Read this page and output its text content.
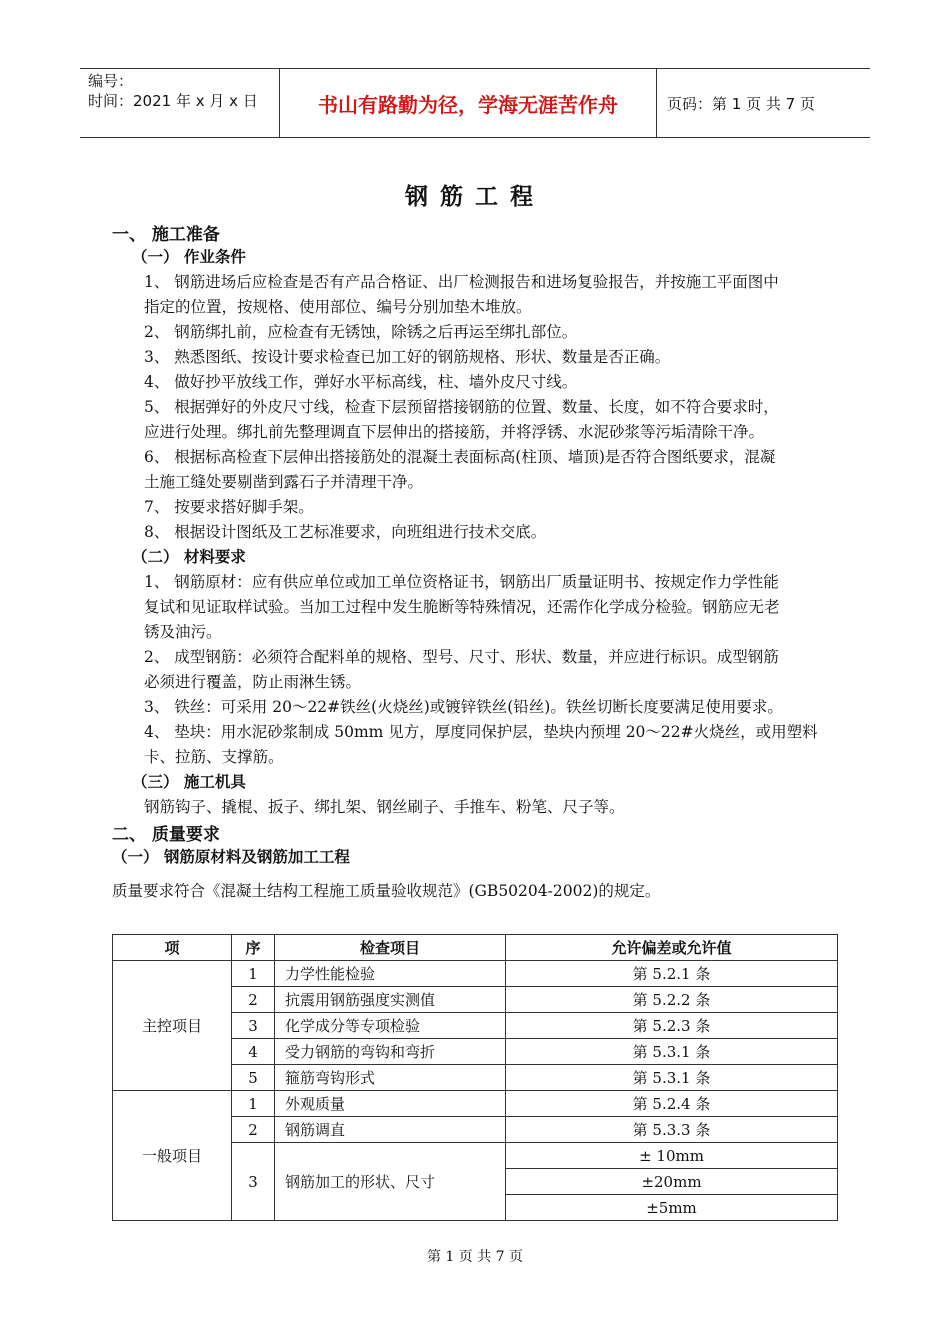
编号：
时间：2021 年 x 月 x 日	书山有路勤为径，学海无涯苦作舟	页码：第 1 页 共 7 页
钢筋工程
一、 施工准备
（一） 作业条件
1、 钢筋进场后应检查是否有产品合格证、出厂检测报告和进场复验报告，并按施工平面图中
指定的位置，按规格、使用部位、编号分别加垫木堆放。
2、 钢筋绑扎前，应检查有无锈蚀，除锈之后再运至绑扎部位。
3、 熟悉图纸、按设计要求检查已加工好的钢筋规格、形状、数量是否正确。
4、 做好抄平放线工作，弹好水平标高线，柱、墙外皮尺寸线。
5、 根据弹好的外皮尺寸线，检查下层预留搭接钢筋的位置、数量、长度，如不符合要求时，
应进行处理。绑扎前先整理调直下层伸出的搭接筋，并将浮锈、水泥砂浆等污垢清除干净。
6、 根据标高检查下层伸出搭接筋处的混凝土表面标高(柱顶、墙顶)是否符合图纸要求，混凝
土施工缝处要剔凿到露石子并清理干净。
7、 按要求搭好脚手架。
8、 根据设计图纸及工艺标准要求，向班组进行技术交底。
（二） 材料要求
1、 钢筋原材：应有供应单位或加工单位资格证书，钢筋出厂质量证明书、按规定作力学性能
复试和见证取样试验。当加工过程中发生脆断等特殊情况，还需作化学成分检验。钢筋应无老
锈及油污。
2、 成型钢筋：必须符合配料单的规格、型号、尺寸、形状、数量，并应进行标识。成型钢筋
必须进行覆盖，防止雨淋生锈。
3、 铁丝：可采用 20～22#铁丝(火烧丝)或镀锌铁丝(铅丝)。铁丝切断长度要满足使用要求。
4、 垫块：用水泥砂浆制成 50mm 见方，厚度同保护层，垫块内预埋 20～22#火烧丝，或用塑料
卡、拉筋、支撑筋。
（三） 施工机具
钢筋钩子、撬棍、扳子、绑扎架、钢丝刷子、手推车、粉笔、尺子等。
二、 质量要求
（一） 钢筋原材料及钢筋加工工程
质量要求符合《混凝土结构工程施工质量验收规范》(GB50204-2002)的规定。
项	序	检查项目	允许偏差或允许值
主控项目	1	力学性能检验	第 5.2.1 条
	2	抗震用钢筋强度实测值	第 5.2.2 条
	3	化学成分等专项检验	第 5.2.3 条
	4	受力钢筋的弯钩和弯折	第 5.3.1 条
	5	箍筋弯钩形式	第 5.3.1 条
一般项目	1	外观质量	第 5.2.4 条
	2	钢筋调直	第 5.3.3 条
	3	钢筋加工的形状、尺寸	± 10mm
			±20mm
			±5mm
第 1 页 共 7 页
